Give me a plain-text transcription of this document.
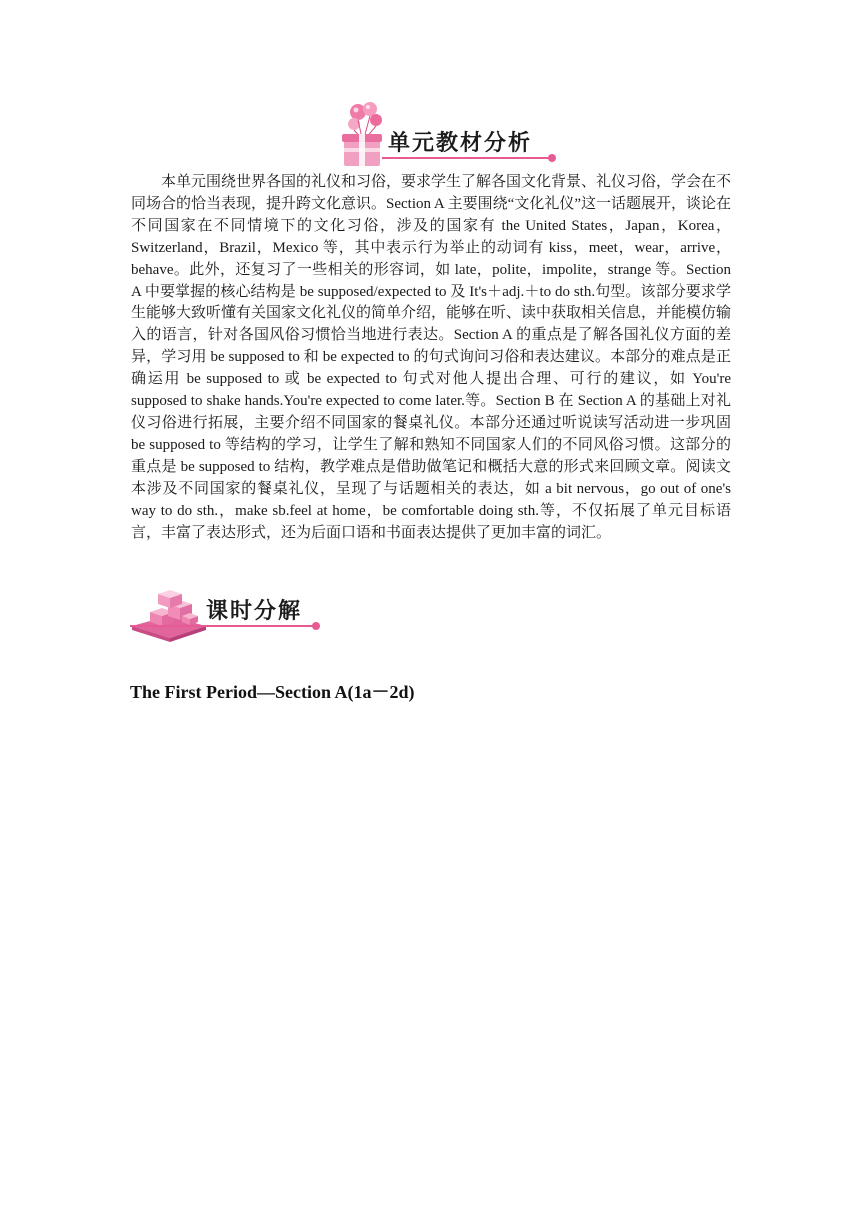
单元教材分析

本单元围绕世界各国的礼仪和习俗，要求学生了解各国文化背景、礼仪习俗，学会在不同场合的恰当表现，提升跨文化意识。Section A 主要围绕“文化礼仪”这一话题展开，谈论在不同国家在不同情境下的文化习俗，涉及的国家有 the United States，Japan，Korea，Switzerland，Brazil，Mexico 等，其中表示行为举止的动词有 kiss，meet，wear，arrive，behave。此外，还复习了一些相关的形容词，如 late，polite，impolite，strange 等。Section A 中要掌握的核心结构是 be supposed/expected to 及 It's＋adj.＋to do sth.句型。该部分要求学生能够大致听懂有关国家文化礼仪的简单介绍，能够在听、读中获取相关信息，并能模仿输入的语言，针对各国风俗习惯恰当地进行表达。Section A 的重点是了解各国礼仪方面的差异，学习用 be supposed to 和 be expected to 的句式询问习俗和表达建议。本部分的难点是正确运用 be supposed to 或 be expected to 句式对他人提出合理、可行的建议，如 You're supposed to shake hands.You're expected to come later.等。Section B 在 Section A 的基础上对礼仪习俗进行拓展，主要介绍不同国家的餐桌礼仪。本部分还通过听说读写活动进一步巩固 be supposed to 等结构的学习，让学生了解和熟知不同国家人们的不同风俗习惯。这部分的重点是 be supposed to 结构，教学难点是借助做笔记和概括大意的形式来回顾文章。阅读文本涉及不同国家的餐桌礼仪，呈现了与话题相关的表达，如 a bit nervous，go out of one's way to do sth.，make sb.feel at home，be comfortable doing sth.等，不仅拓展了单元目标语言，丰富了表达形式，还为后面口语和书面表达提供了更加丰富的词汇。

课时分解
The First Period—Section A(1a－2d)
